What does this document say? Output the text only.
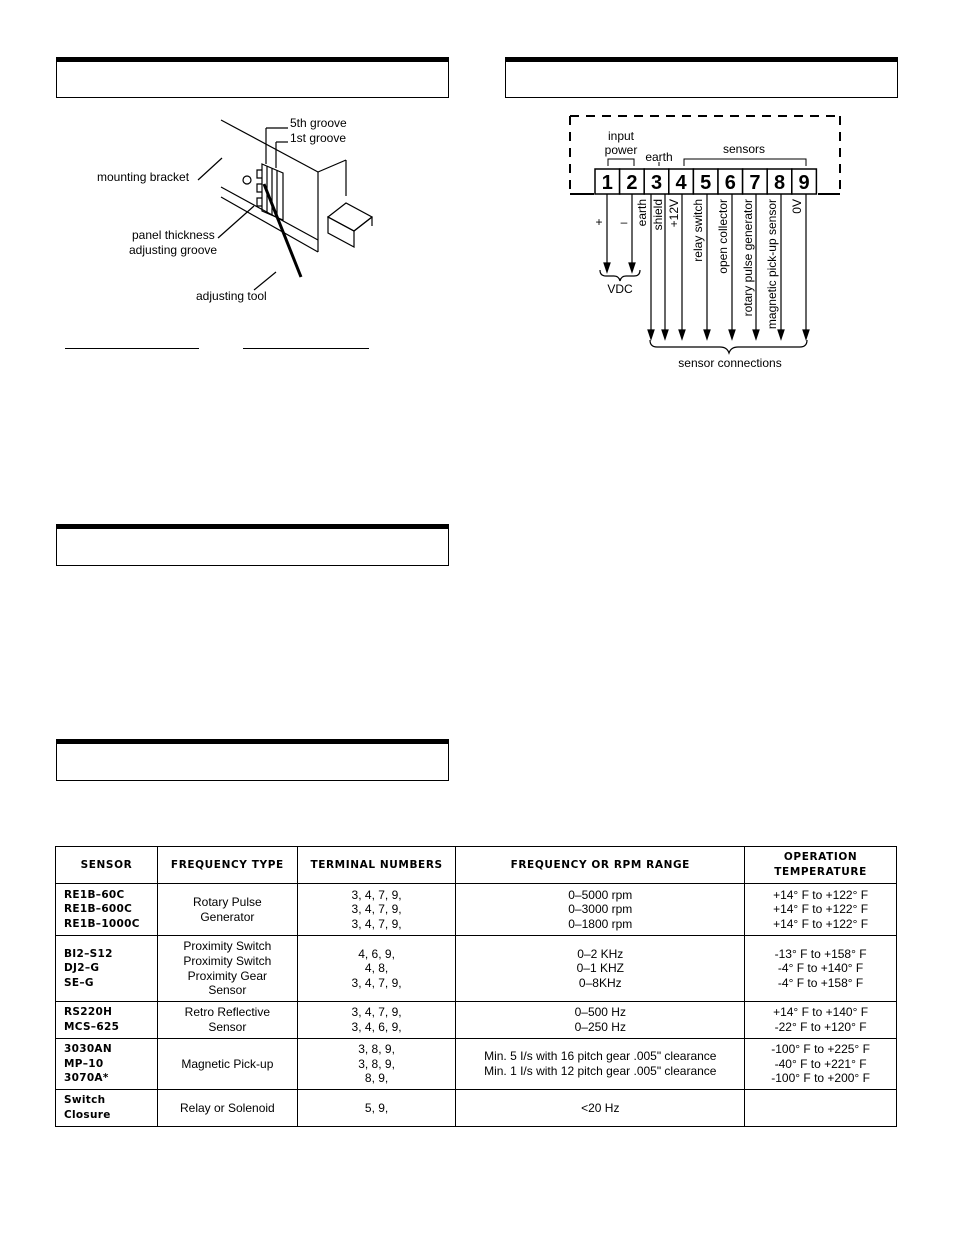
5th groove
1st groove
mounting bracket
panel thickness
adjusting groove
adjusting tool
1 2 3 4 5 6 7 8 9
input
power earth
sensors
+ –
VDC
sensor connections
earth shield +12V relay switch open collector rotary pulse generator magnetic pick-up sensor 0V
SENSOR	FREQUENCY TYPE	TERMINAL NUMBERS	FREQUENCY OR RPM RANGE	OPERATION
TEMPERATURE

RE1B–60C
RE1B–600C
RE1B–1000C	Rotary Pulse
Generator	3, 4, 7, 9,
3, 4, 7, 9,
3, 4, 7, 9,	0–5000 rpm
0–3000 rpm
0–1800 rpm	+14° F to +122° F
+14° F to +122° F
+14° F to +122° F

BI2–S12
DJ2–G
SE–G	Proximity Switch
Proximity Switch
Proximity Gear
Sensor	4, 6, 9,
4, 8,
3, 4, 7, 9,	0–2 KHz
0–1 KHZ
0–8KHz	-13° F to +158° F
-4° F to +140° F
-4° F to +158° F

RS220H
MCS–625	Retro Reflective
Sensor	3, 4, 7, 9,
3, 4, 6, 9,	0–500 Hz
0–250 Hz	+14° F to +140° F
-22° F to +120° F

3030AN
MP–10
3070A*	Magnetic Pick-up	3, 8, 9,
3, 8, 9,
8, 9,	Min. 5 I/s with 16 pitch gear .005" clearance
Min. 1 I/s with 12 pitch gear .005" clearance	-100° F to +225° F
-40° F to +221° F
-100° F to +200° F

Switch
Closure	Relay or Solenoid	5, 9,	<20 Hz	
